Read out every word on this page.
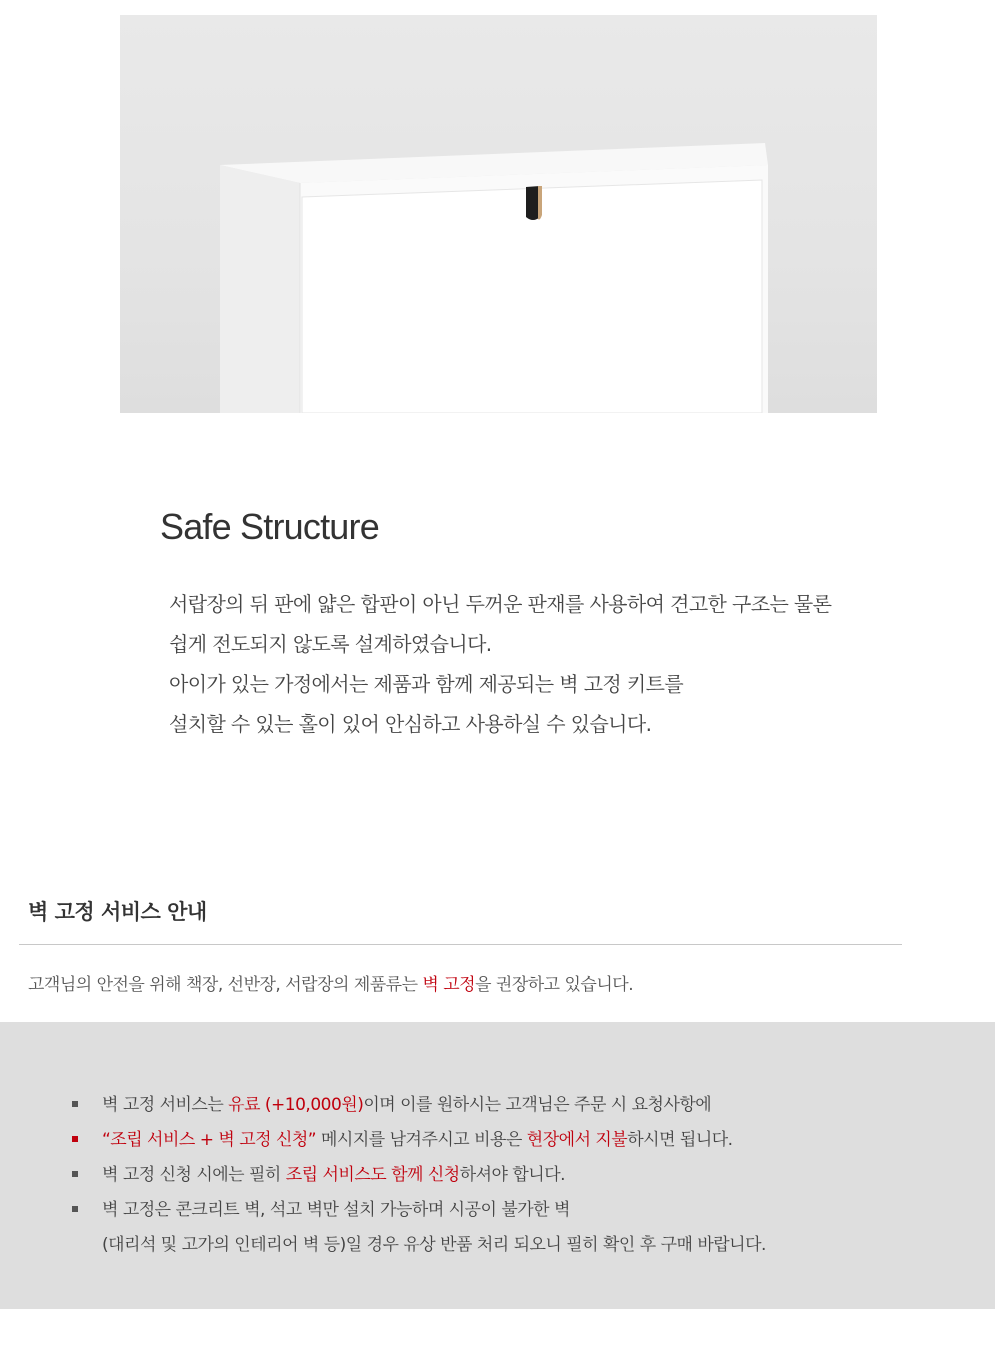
Safe Structure
서랍장의 뒤 판에 얇은 합판이 아닌 두꺼운 판재를 사용하여 견고한 구조는 물론
쉽게 전도되지 않도록 설계하였습니다.
아이가 있는 가정에서는 제품과 함께 제공되는 벽 고정 키트를
설치할 수 있는 홀이 있어 안심하고 사용하실 수 있습니다.
벽 고정 서비스 안내
고객님의 안전을 위해 책장, 선반장, 서랍장의 제품류는 벽 고정을 권장하고 있습니다.
벽 고정 서비스는 유료 (+10,000원)이며 이를 원하시는 고객님은 주문 시 요청사항에
“조립 서비스 + 벽 고정 신청” 메시지를 남겨주시고 비용은 현장에서 지불하시면 됩니다.
벽 고정 신청 시에는 필히 조립 서비스도 함께 신청하셔야 합니다.
벽 고정은 콘크리트 벽, 석고 벽만 설치 가능하며 시공이 불가한 벽
(대리석 및 고가의 인테리어 벽 등)일 경우 유상 반품 처리 되오니 필히 확인 후 구매 바랍니다.
